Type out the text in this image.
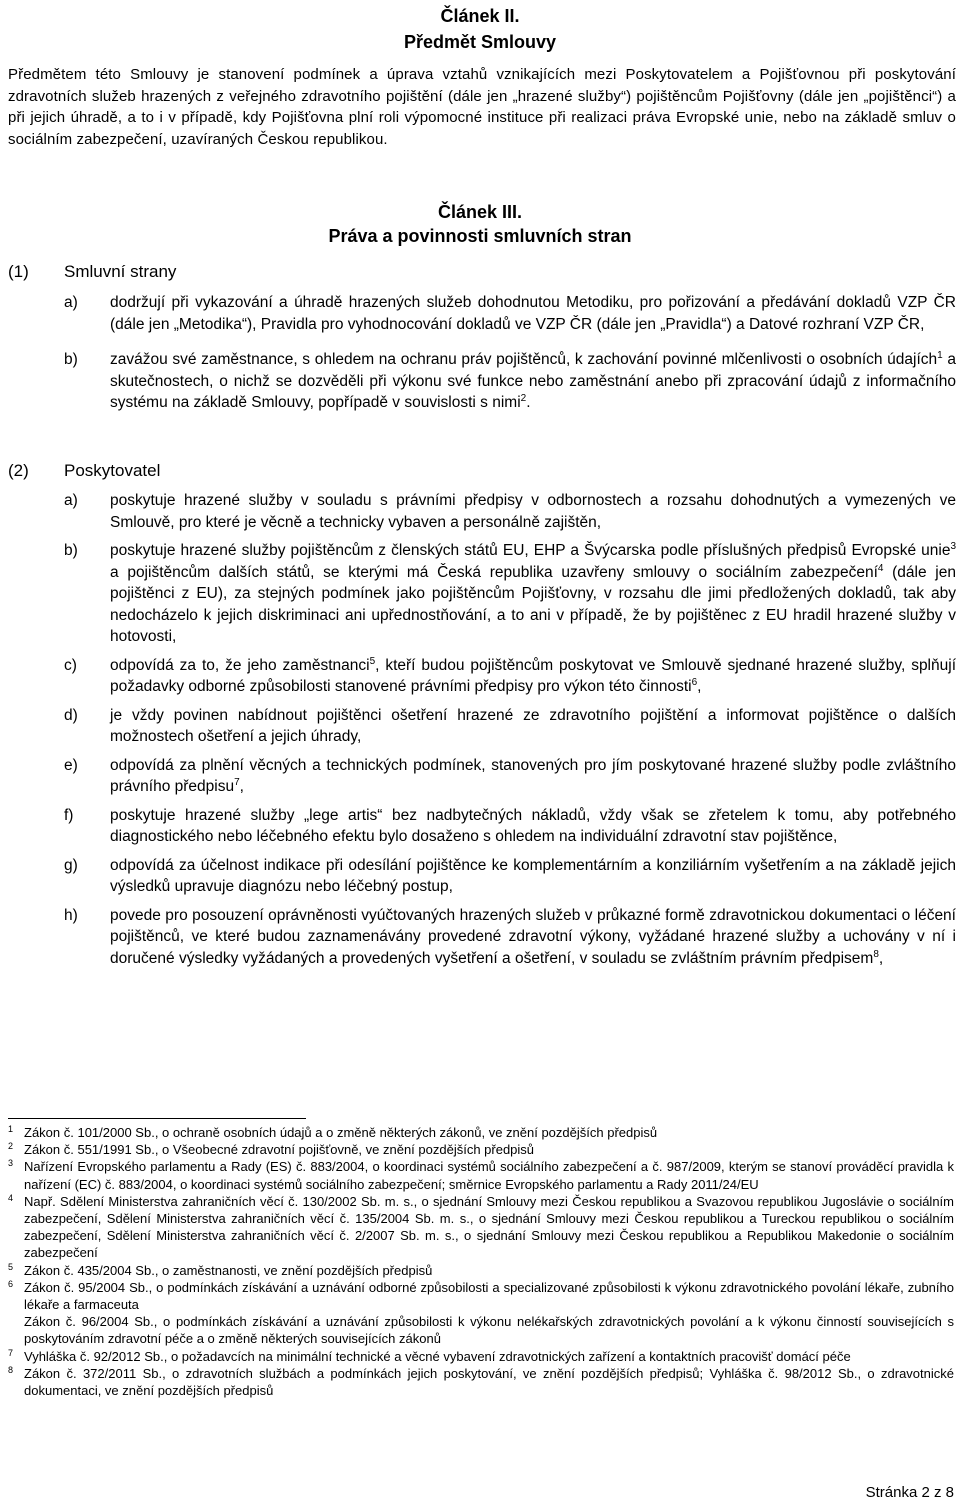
Článek II.
Předmět Smlouvy
Předmětem této Smlouvy je stanovení podmínek a úprava vztahů vznikajících mezi Poskytovatelem a Pojišťovnou při poskytování zdravotních služeb hrazených z veřejného zdravotního pojištění (dále jen „hrazené služby“) pojištěncům Pojišťovny (dále jen „pojištěnci“) a při jejich úhradě, a to i v případě, kdy Pojišťovna plní roli výpomocné instituce při realizaci práva Evropské unie, nebo na základě smluv o sociálním zabezpečení, uzavíraných Českou republikou.
Článek III.
Práva a povinnosti smluvních stran
(1) Smluvní strany
a) dodržují při vykazování a úhradě hrazených služeb dohodnutou Metodiku, pro pořizování a předávání dokladů VZP ČR (dále jen „Metodika“), Pravidla pro vyhodnocování dokladů ve VZP ČR (dále jen „Pravidla“) a Datové rozhraní VZP ČR,
b) zavážou své zaměstnance, s ohledem na ochranu práv pojištěnců, k zachování povinné mlčenlivosti o osobních údajích$^1$ a skutečnostech, o nichž se dozvěděli při výkonu své funkce nebo zaměstnání anebo při zpracování údajů z informačního systému na základě Smlouvy, popřípadě v souvislosti s nimi$^2$.
(2) Poskytovatel
a) poskytuje hrazené služby v souladu s právními předpisy v odbornostech a rozsahu dohodnutých a vymezených ve Smlouvě, pro které je věcně a technicky vybaven a personálně zajištěn,
b) poskytuje hrazené služby pojištěncům z členských států EU, EHP a Švýcarska podle příslušných předpisů Evropské unie$^3$ a pojištěncům dalších států, se kterými má Česká republika uzavřeny smlouvy o sociálním zabezpečení$^4$ (dále jen pojištěnci z EU), za stejných podmínek jako pojištěncům Pojišťovny, v rozsahu dle jimi předložených dokladů, tak aby nedocházelo k jejich diskriminaci ani upřednostňování, a to ani v případě, že by pojištěnec z EU hradil hrazené služby v hotovosti,
c) odpovídá za to, že jeho zaměstnanci$^5$, kteří budou pojištěncům poskytovat ve Smlouvě sjednané hrazené služby, splňují požadavky odborné způsobilosti stanovené právními předpisy pro výkon této činnosti$^6$,
d) je vždy povinen nabídnout pojištěnci ošetření hrazené ze zdravotního pojištění a informovat pojištěnce o dalších možnostech ošetření a jejich úhrady,
e) odpovídá za plnění věcných a technických podmínek, stanovených pro jím poskytované hrazené služby podle zvláštního právního předpisu$^7$,
f) poskytuje hrazené služby „lege artis“ bez nadbytečných nákladů, vždy však se zřetelem k tomu, aby potřebného diagnostického nebo léčebného efektu bylo dosaženo s ohledem na individuální zdravotní stav pojištěnce,
g) odpovídá za účelnost indikace při odesílání pojištěnce ke komplementárním a konziliárním vyšetřením a na základě jejich výsledků upravuje diagnózu nebo léčebný postup,
h) povede pro posouzení oprávněnosti vyúčtovaných hrazených služeb v průkazné formě zdravotnickou dokumentaci o léčení pojištěnců, ve které budou zaznamenávány provedené zdravotní výkony, vyžádané hrazené služby a uchovány v ní i doručené výsledky vyžádaných a provedených vyšetření a ošetření, v souladu se zvláštním právním předpisem$^8$,
1 Zákon č. 101/2000 Sb., o ochraně osobních údajů a o změně některých zákonů, ve znění pozdějších předpisů
2 Zákon č. 551/1991 Sb., o Všeobecné zdravotní pojišťovně, ve znění pozdějších předpisů
3 Nařízení Evropského parlamentu a Rady (ES) č. 883/2004, o koordinaci systémů sociálního zabezpečení a č. 987/2009, kterým se stanoví prováděcí pravidla k nařízení (EC) č. 883/2004, o koordinaci systémů sociálního zabezpečení; směrnice Evropského parlamentu a Rady 2011/24/EU
4 Např. Sdělení Ministerstva zahraničních věcí č. 130/2002 Sb. m. s., o sjednání Smlouvy mezi Českou republikou a Svazovou republikou Jugoslávie o sociálním zabezpečení, Sdělení Ministerstva zahraničních věcí č. 135/2004 Sb. m. s., o sjednání Smlouvy mezi Českou republikou a Tureckou republikou o sociálním zabezpečení, Sdělení Ministerstva zahraničních věcí č. 2/2007 Sb. m. s., o sjednání Smlouvy mezi Českou republikou a Republikou Makedonie o sociálním zabezpečení
5 Zákon č. 435/2004 Sb., o zaměstnanosti, ve znění pozdějších předpisů
6 Zákon č. 95/2004 Sb., o podmínkách získávání a uznávání odborné způsobilosti a specializované způsobilosti k výkonu zdravotnického povolání lékaře, zubního lékaře a farmaceuta
Zákon č. 96/2004 Sb., o podmínkách získávání a uznávání způsobilosti k výkonu nelékařských zdravotnických povolání a k výkonu činností souvisejících s poskytováním zdravotní péče a o změně některých souvisejících zákonů
7 Vyhláška č. 92/2012 Sb., o požadavcích na minimální technické a věcné vybavení zdravotnických zařízení a kontaktních pracovišť domácí péče
8 Zákon č. 372/2011 Sb., o zdravotních službách a podmínkách jejich poskytování, ve znění pozdějších předpisů; Vyhláška č. 98/2012 Sb., o zdravotnické dokumentaci, ve znění pozdějších předpisů
Stránka 2 z 8
